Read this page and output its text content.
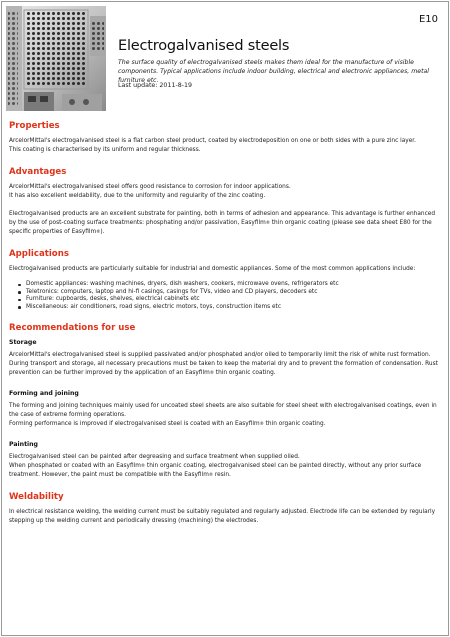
E10
Electrogalvanised steels
The surface quality of electrogalvanised steels makes them ideal for the manufacture of visible components. Typical applications include indoor building, electrical and electronic appliances, metal furniture etc.
Last update: 2011-8-19
Properties

ArcelorMittal's electrogalvanised steel is a flat carbon steel product, coated by electrodeposition on one or both sides with a pure zinc layer.

This coating is characterised by its uniform and regular thickness.

Advantages

ArcelorMittal's electrogalvanised steel offers good resistance to corrosion for indoor applications.

It has also excellent weldability, due to the uniformity and regularity of the zinc coating.

Electrogalvanised products are an excellent substrate for painting, both in terms of adhesion and appearance. This advantage is further enhanced by the use of post-coating surface treatments: phosphating and/or passivation, Easyfilm® thin organic coating (please see data sheet E80 for the specific properties of Easyfilm®).

Applications

Electrogalvanised products are particularly suitable for industrial and domestic appliances. Some of the most common applications include:

Domestic appliances: washing machines, dryers, dish washers, cookers, microwave ovens, refrigerators etc
Teletronics: computers, laptop and hi-fi casings, casings for TVs, video and CD players, decoders etc
Furniture: cupboards, desks, shelves, electrical cabinets etc
Miscellaneous: air conditioners, road signs, electric motors, toys, construction items etc
Recommendations for use
Storage

ArcelorMittal's electrogalvanised steel is supplied passivated and/or phosphated and/or oiled to temporarily limit the risk of white rust formation. During transport and storage, all necessary precautions must be taken to keep the material dry and to prevent the formation of condensation. Rust prevention can be further improved by the application of an Easyfilm® thin organic coating.

Forming and joining

The forming and joining techniques mainly used for uncoated steel sheets are also suitable for steel sheet with electrogalvanised coatings, even in the case of extreme forming operations.

Forming performance is improved if electrogalvanised steel is coated with an Easyfilm® thin organic coating.

Painting

Electrogalvanised steel can be painted after degreasing and surface treatment when supplied oiled.

When phosphated or coated with an Easyfilm® thin organic coating, electrogalvanised steel can be painted directly, without any prior surface treatment. However, the paint must be compatible with the Easyfilm® resin.

Weldability

In electrical resistance welding, the welding current must be suitably regulated and regularly adjusted. Electrode life can be extended by regularly stepping up the welding current and periodically dressing (machining) the electrodes.
